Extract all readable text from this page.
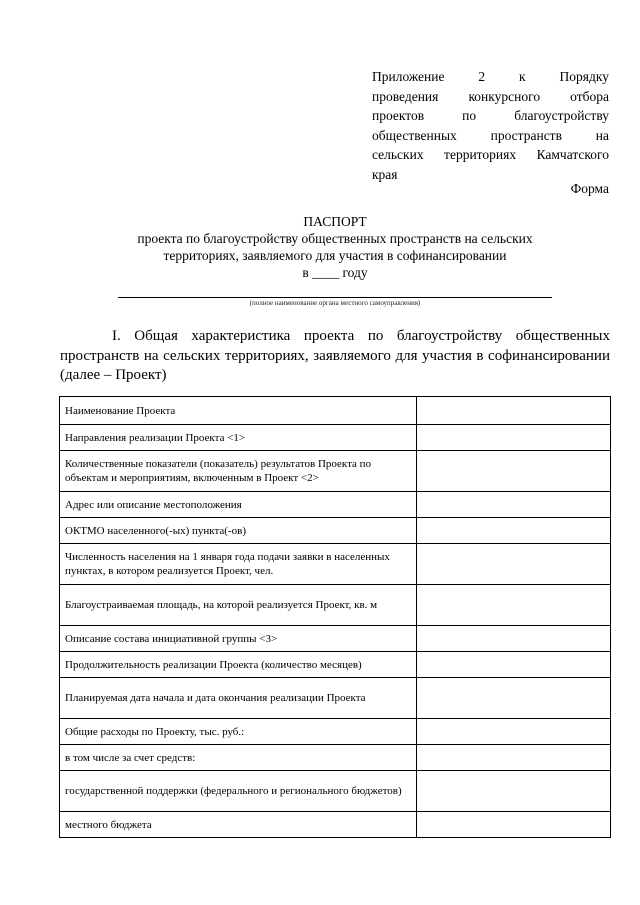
Приложение 2 к Порядку
проведения конкурсного отбора
проектов по благоустройству
общественных пространств на
сельских территориях Камчатского
края
Форма
ПАСПОРТ
проекта по благоустройству общественных пространств на сельских
территориях, заявляемого для участия в софинансировании
в ____ году
(полное наименование органа местного самоуправления)
I. Общая характеристика проекта по благоустройству общественных пространств на сельских территориях, заявляемого для участия в софинансировании (далее – Проект)
Наименование Проекта	
Направления реализации Проекта <1>	
Количественные показатели (показатель) результатов Проекта по объектам и мероприятиям, включенным в Проект <2>	
Адрес или описание местоположения	
ОКТМО населенного(-ых) пункта(-ов)	
Численность населения на 1 января года подачи заявки в населенных пунктах, в котором реализуется Проект, чел.	
Благоустраиваемая площадь, на которой реализуется Проект, кв. м	
Описание состава инициативной группы <3>	
Продолжительность реализации Проекта (количество месяцев)	
Планируемая дата начала и дата окончания реализации Проекта	
Общие расходы по Проекту, тыс. руб.:	
в том числе за счет средств:	
государственной поддержки (федерального и регионального бюджетов)	
местного бюджета	
